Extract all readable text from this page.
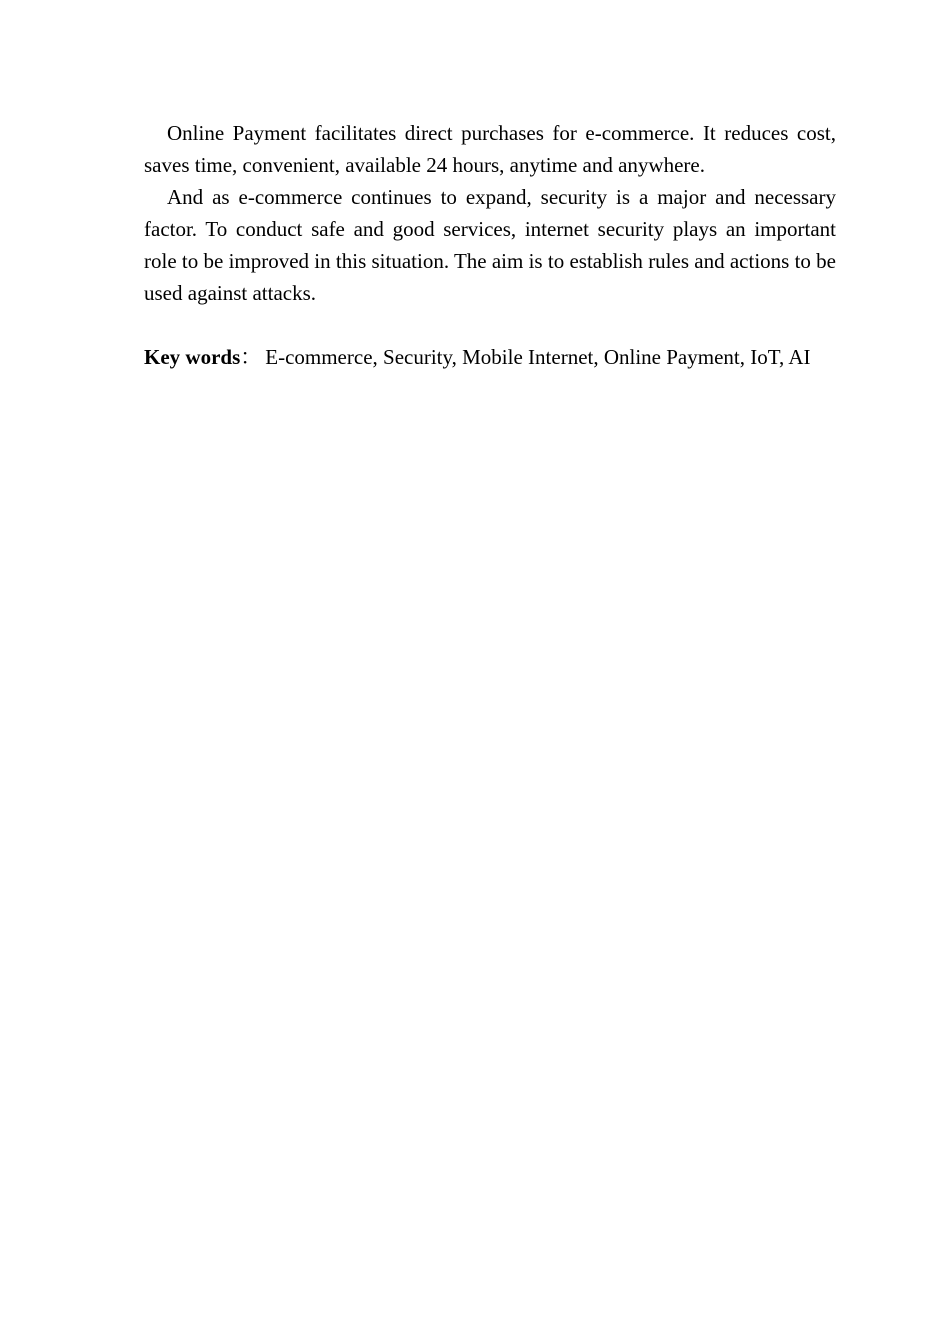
Online Payment facilitates direct purchases for e-commerce. It reduces cost, saves time, convenient, available 24 hours, anytime and anywhere.

And as e-commerce continues to expand, security is a major and necessary factor. To conduct safe and good services, internet security plays an important role to be improved in this situation. The aim is to establish rules and actions to be used against attacks.

Key words： E-commerce, Security, Mobile Internet, Online Payment, IoT, AI
